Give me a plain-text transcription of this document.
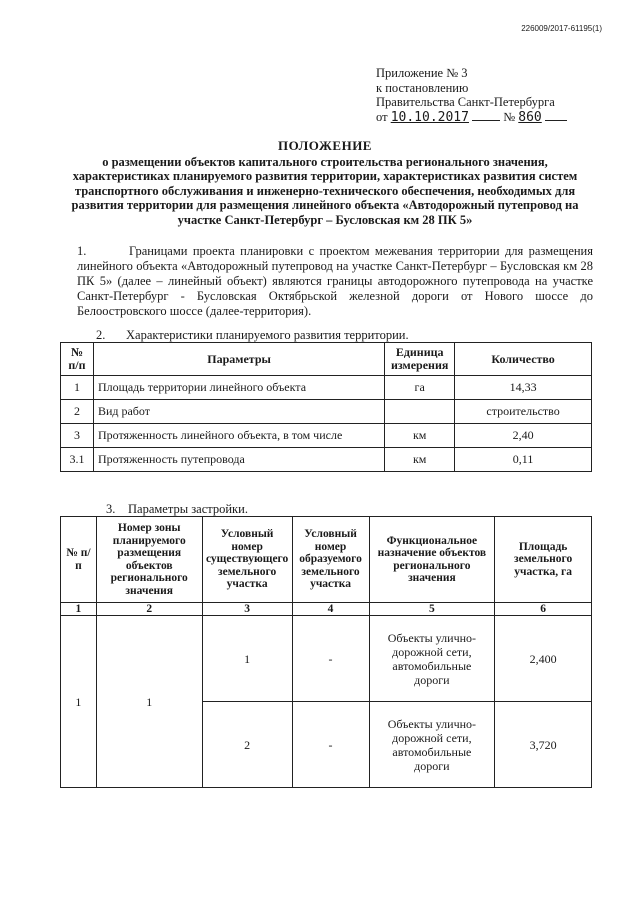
226009/2017-61195(1)
Приложение № 3
к постановлению
Правительства Санкт-Петербурга
от 10.10.2017	№ 860
ПОЛОЖЕНИЕ
о размещении объектов капитального строительства регионального значения, характеристиках планируемого развития территории, характеристиках развития систем транспортного обслуживания и инженерно-технического обеспечения, необходимых для развития территории для размещения линейного объекта «Автодорожный путепровод на участке Санкт-Петербург – Бусловская км 28 ПК 5»
1.	Границами проекта планировки с проектом межевания территории для размещения линейного объекта «Автодорожный путепровод на участке Санкт-Петербург – Бусловская км 28 ПК 5» (далее – линейный объект) являются границы автодорожного путепровода на участке Санкт-Петербург - Бусловская Октябрьской железной дороги от Нового шоссе до Белоостровского шоссе (далее-территория).
2. Характеристики планируемого развития территории.
№ п/п	Параметры	Единица измерения	Количество
1	Площадь территории линейного объекта	га	14,33
2	Вид работ		строительство
3	Протяженность линейного объекта, в том числе	км	2,40
3.1	Протяженность путепровода	км	0,11
3. Параметры застройки.
№ п/п	Номер зоны планируемого размещения объектов регионального значения	Условный номер существующего земельного участка	Условный номер образуемого земельного участка	Функциональное назначение объектов регионального значения	Площадь земельного участка, га
1	2	3	4	5	6
1	1	1	-	Объекты улично-дорожной сети, автомобильные дороги	2,400
		2	-	Объекты улично-дорожной сети, автомобильные дороги	3,720
